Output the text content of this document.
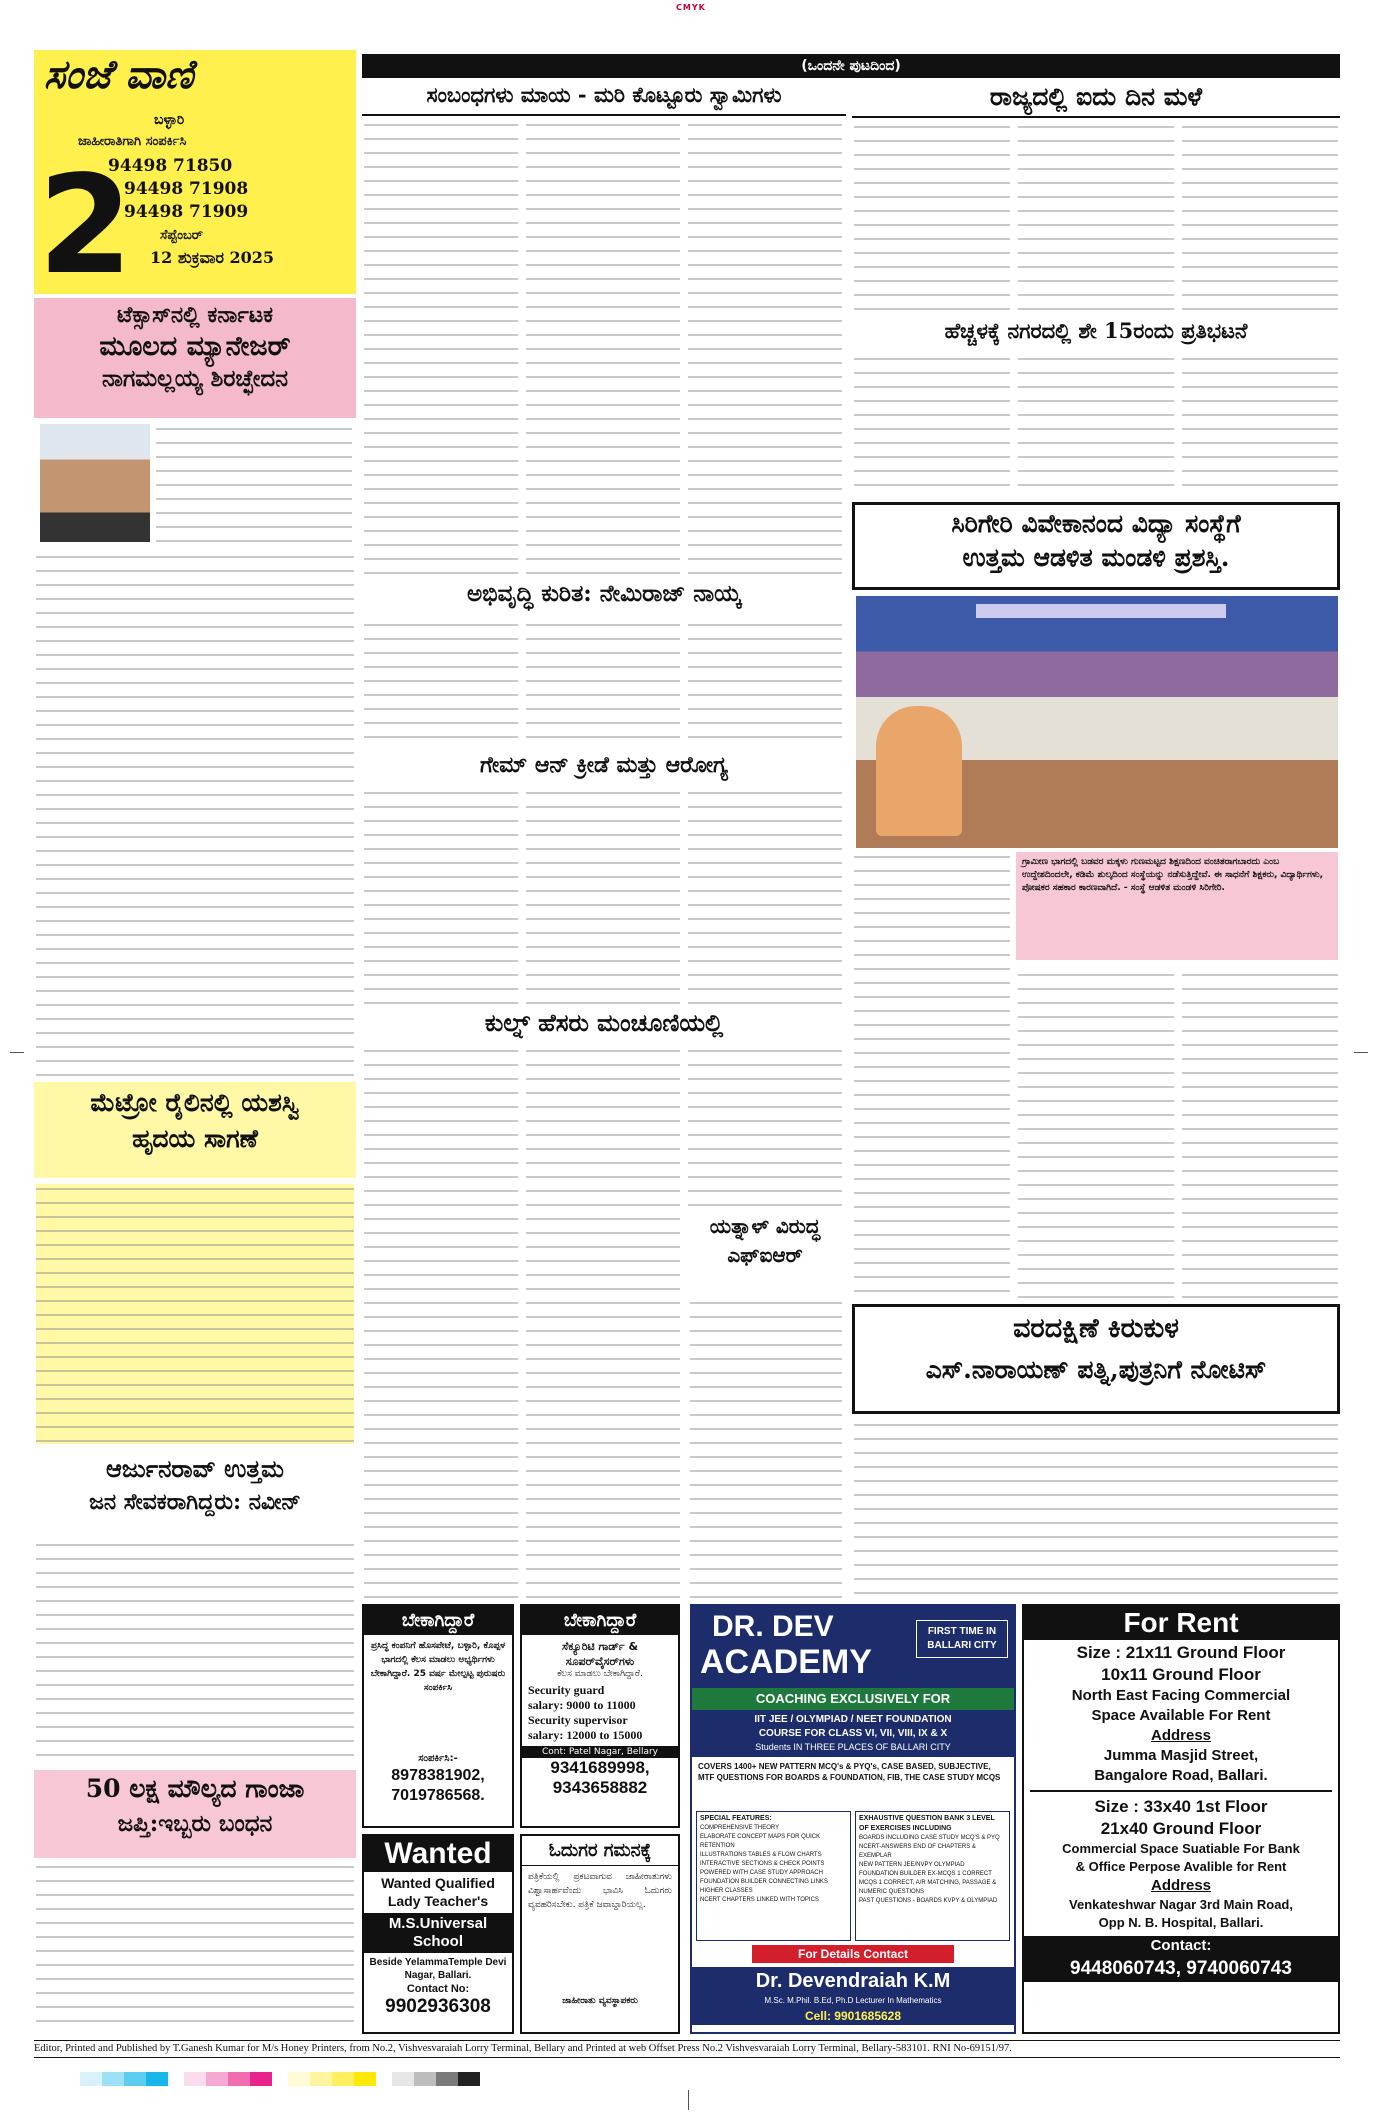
CMYK
ಸಂಜೆ ವಾಣಿ
ಬಳ್ಳಾರಿ
ಜಾಹೀರಾತಿಗಾಗಿ ಸಂಪರ್ಕಿಸಿ
2
94498 71850
94498 71908
94498 71909
ಸೆಪ್ಟೆಂಬರ್
12 ಶುಕ್ರವಾರ 2025
(ಒಂದನೇ ಪುಟದಿಂದ)
ಟೆಕ್ಸಾಸ್‌ನಲ್ಲಿ ಕರ್ನಾಟಕ
ಮೂಲದ ಮ್ಯಾನೇಜರ್
ನಾಗಮಲ್ಲಯ್ಯ ಶಿರಚ್ಛೇದನ
ಮೆಟ್ರೋ ರೈಲಿನಲ್ಲಿ ಯಶಸ್ವಿ
ಹೃದಯ ಸಾಗಣೆ
ಆರ್ಜುನರಾವ್ ಉತ್ತಮ
ಜನ ಸೇವಕರಾಗಿದ್ದರು: ನವೀನ್
50 ಲಕ್ಷ ಮೌಲ್ಯದ ಗಾಂಜಾ
ಜಪ್ತಿ:ಇಬ್ಬರು ಬಂಧನ
ಸಂಬಂಧಗಳು ಮಾಯ - ಮರಿ ಕೊಟ್ಟೂರು ಸ್ವಾಮಿಗಳು
ಅಭಿವೃದ್ಧಿ ಕುರಿತ: ನೇಮಿರಾಜ್ ನಾಯ್ಕ
ಗೇಮ್ ಆನ್ ಕ್ರೀಡೆ ಮತ್ತು ಆರೋಗ್ಯ
ಕುಲ್ನ್ ಹೆಸರು ಮಂಚೂಣಿಯಲ್ಲಿ
ಯತ್ನಾಳ್ ವಿರುದ್ಧ
ಎಫ್‌ಐಆರ್
ರಾಜ್ಯದಲ್ಲಿ ಐದು ದಿನ ಮಳೆ
ಹೆಚ್ಚಳಕ್ಕೆ ನಗರದಲ್ಲಿ ಶೇ 15ರಂದು ಪ್ರತಿಭಟನೆ
ಸಿರಿಗೇರಿ ವಿವೇಕಾನಂದ ವಿದ್ಯಾ ಸಂಸ್ಥೆಗೆ
ಉತ್ತಮ ಆಡಳಿತ ಮಂಡಳಿ ಪ್ರಶಸ್ತಿ.
ಗ್ರಾಮೀಣ ಭಾಗದಲ್ಲಿ ಬಡವರ ಮಕ್ಕಳು ಗುಣಮಟ್ಟದ ಶಿಕ್ಷಣದಿಂದ ವಂಚಿತರಾಗಬಾರದು ಎಂಬ ಉದ್ದೇಶದಿಂದಲೇ, ಕಡಿಮೆ ಶುಲ್ಕದಿಂದ ಸಂಸ್ಥೆಯನ್ನು ನಡೆಸುತ್ತಿದ್ದೇವೆ. ಈ ಸಾಧನೆಗೆ ಶಿಕ್ಷಕರು, ವಿದ್ಯಾರ್ಥಿಗಳು, ಪೋಷಕರ ಸಹಕಾರ ಕಾರಣವಾಗಿದೆ. - ಸಂಸ್ಥೆ ಆಡಳಿತ ಮಂಡಳಿ ಸಿರಿಗೇರಿ.
ವರದಕ್ಷಿಣೆ ಕಿರುಕುಳ
ಎಸ್.ನಾರಾಯಣ್ ಪತ್ನಿ,ಪುತ್ರನಿಗೆ ನೋಟಿಸ್
ಬೇಕಾಗಿದ್ದಾರೆ
ಪ್ರಸಿದ್ಧ ಕಂಪನಿಗೆ ಹೊಸಪೇಟೆ, ಬಳ್ಳಾರಿ, ಕೊಪ್ಪಳ ಭಾಗದಲ್ಲಿ ಕೆಲಸ ಮಾಡಲು ಅಭ್ಯರ್ಥಿಗಳು ಬೇಕಾಗಿದ್ದಾರೆ. 25 ವರ್ಷ ಮೇಲ್ಪಟ್ಟ ಪುರುಷರು ಸಂಪರ್ಕಿಸಿ
ಸಂಪರ್ಕಿಸಿ:-
8978381902, 7019786568.
ಬೇಕಾಗಿದ್ದಾರೆ
ಸೆಕ್ಯೂರಿಟಿ ಗಾರ್ಡ್ & ಸೂಪರ್‌ವೈಸರ್‌ಗಳು
ಕೆಲಸ ಮಾಡಲು ಬೇಕಾಗಿದ್ದಾರೆ.
Security guard
salary: 9000 to 11000
Security supervisor
salary: 12000 to 15000
Cont: Patel Nagar, Bellary
9341689998,
9343658882
Wanted
Wanted Qualified
Lady Teacher's
M.S.Universal School
Beside YelammaTemple Devi Nagar, Ballari.
Contact No:
9902936308
ಓದುಗರ ಗಮನಕ್ಕೆ
ಪತ್ರಿಕೆಯಲ್ಲಿ ಪ್ರಕಟವಾಗುವ ಜಾಹೀರಾತುಗಳು ವಿಶ್ವಾಸಾರ್ಹವೆಂದು ಭಾವಿಸಿ ಓದುಗರು ವ್ಯವಹರಿಸಬೇಕು. ಪತ್ರಿಕೆ ಜವಾಬ್ದಾರಿಯಲ್ಲ.
ಜಾಹೀರಾತು ವ್ಯವಸ್ಥಾಪಕರು
DR. DEV
ACADEMY
FIRST TIME IN BALLARI CITY
COACHING EXCLUSIVELY FOR
IIT JEE / OLYMPIAD / NEET FOUNDATION
COURSE FOR CLASS VI, VII, VIII, IX & X
Students IN THREE PLACES OF BALLARI CITY
COVERS 1400+ NEW PATTERN MCQ's & PYQ's, CASE BASED, SUBJECTIVE, MTF QUESTIONS FOR BOARDS & FOUNDATION, FIB, THE CASE STUDY MCQS
SPECIAL FEATURES:
COMPREHENSIVE THEORY
ELABORATE CONCEPT MAPS FOR QUICK RETENTION
ILLUSTRATIONS TABLES & FLOW CHARTS
INTERACTIVE SECTIONS & CHECK POINTS
POWERED WITH CASE STUDY APPROACH
FOUNDATION BUILDER CONNECTING LINKS
HIGHER CLASSES
NCERT CHAPTERS LINKED WITH TOPICS
EXHAUSTIVE QUESTION BANK 3 LEVEL OF EXERCISES INCLUDING
BOARDS INCLUDING CASE STUDY MCQ'S & PYQ
NCERT-ANSWERS END OF CHAPTERS & EXEMPLAR
NEW PATTERN JEE/NVPY OLYMPIAD
FOUNDATION BUILDER EX-MCQS 1 CORRECT
MCQS 1 CORRECT, A/R MATCHING, PASSAGE & NUMERIC QUESTIONS
PAST QUESTIONS - BOARDS KVPY & OLYMPIAD
For Details Contact
Dr. Devendraiah K.M
M.Sc. M.Phil. B.Ed, Ph.D Lecturer In Mathematics
Cell: 9901685628
For Rent
Size : 21x11 Ground Floor
10x11 Ground Floor
North East Facing Commercial
Space Available For Rent
Address
Jumma Masjid Street,
Bangalore Road, Ballari.
Size : 33x40 1st Floor
21x40 Ground Floor
Commercial Space Suatiable For Bank
& Office Perpose Avalible for Rent
Address
Venkateshwar Nagar 3rd Main Road,
Opp N. B. Hospital, Ballari.
Contact:
9448060743, 9740060743
Editor, Printed and Published by T.Ganesh Kumar for M/s Honey Printers, from No.2, Vishvesvaraiah Lorry Terminal, Bellary and Printed at web Offset Press No.2 Vishvesvaraiah Lorry Terminal, Bellary-583101. RNI No-69151/97.
